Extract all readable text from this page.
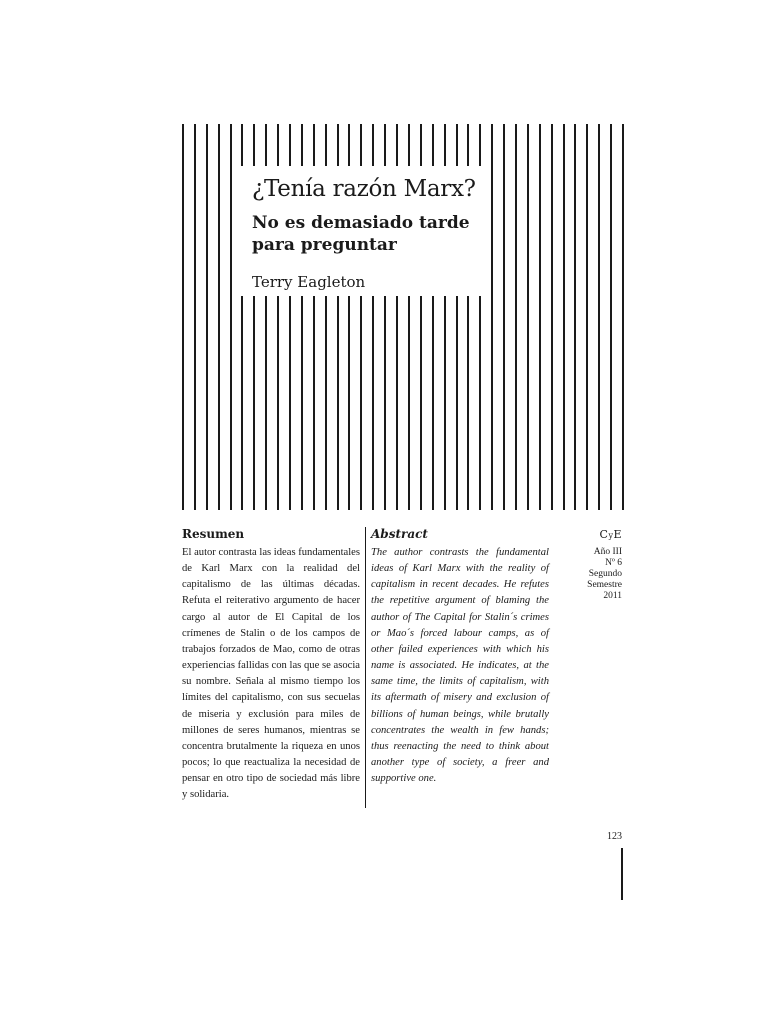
¿Tenía razón Marx?
No es demasiado tarde para preguntar

Terry Eagleton

Resumen

El autor contrasta las ideas fundamentales de Karl Marx con la realidad del capitalismo de las últimas décadas. Refuta el reiterativo argumento de hacer cargo al autor de El Capital de los crímenes de Stalin o de los campos de trabajos forzados de Mao, como de otras experiencias fallidas con las que se asocia su nombre. Señala al mismo tiempo los límites del capitalismo, con sus secuelas de miseria y exclusión para miles de millones de seres humanos, mientras se concentra brutalmente la riqueza en unos pocos; lo que reactualiza la necesidad de pensar en otro tipo de sociedad más libre y solidaria.

Abstract

The author contrasts the fundamental ideas of Karl Marx with the reality of capitalism in recent decades. He refutes the repetitive argument of blaming the author of The Capital for Stalin´s crimes or Mao´s forced labour camps, as of other failed experiences with which his name is associated. He indicates, at the same time, the limits of capitalism, with its aftermath of misery and exclusion of billions of human beings, while brutally concentrates the wealth in few hands; thus reenacting the need to think about another type of society, a freer and supportive one.

CyE
Año III
Nº 6
Segundo
Semestre
2011

123
